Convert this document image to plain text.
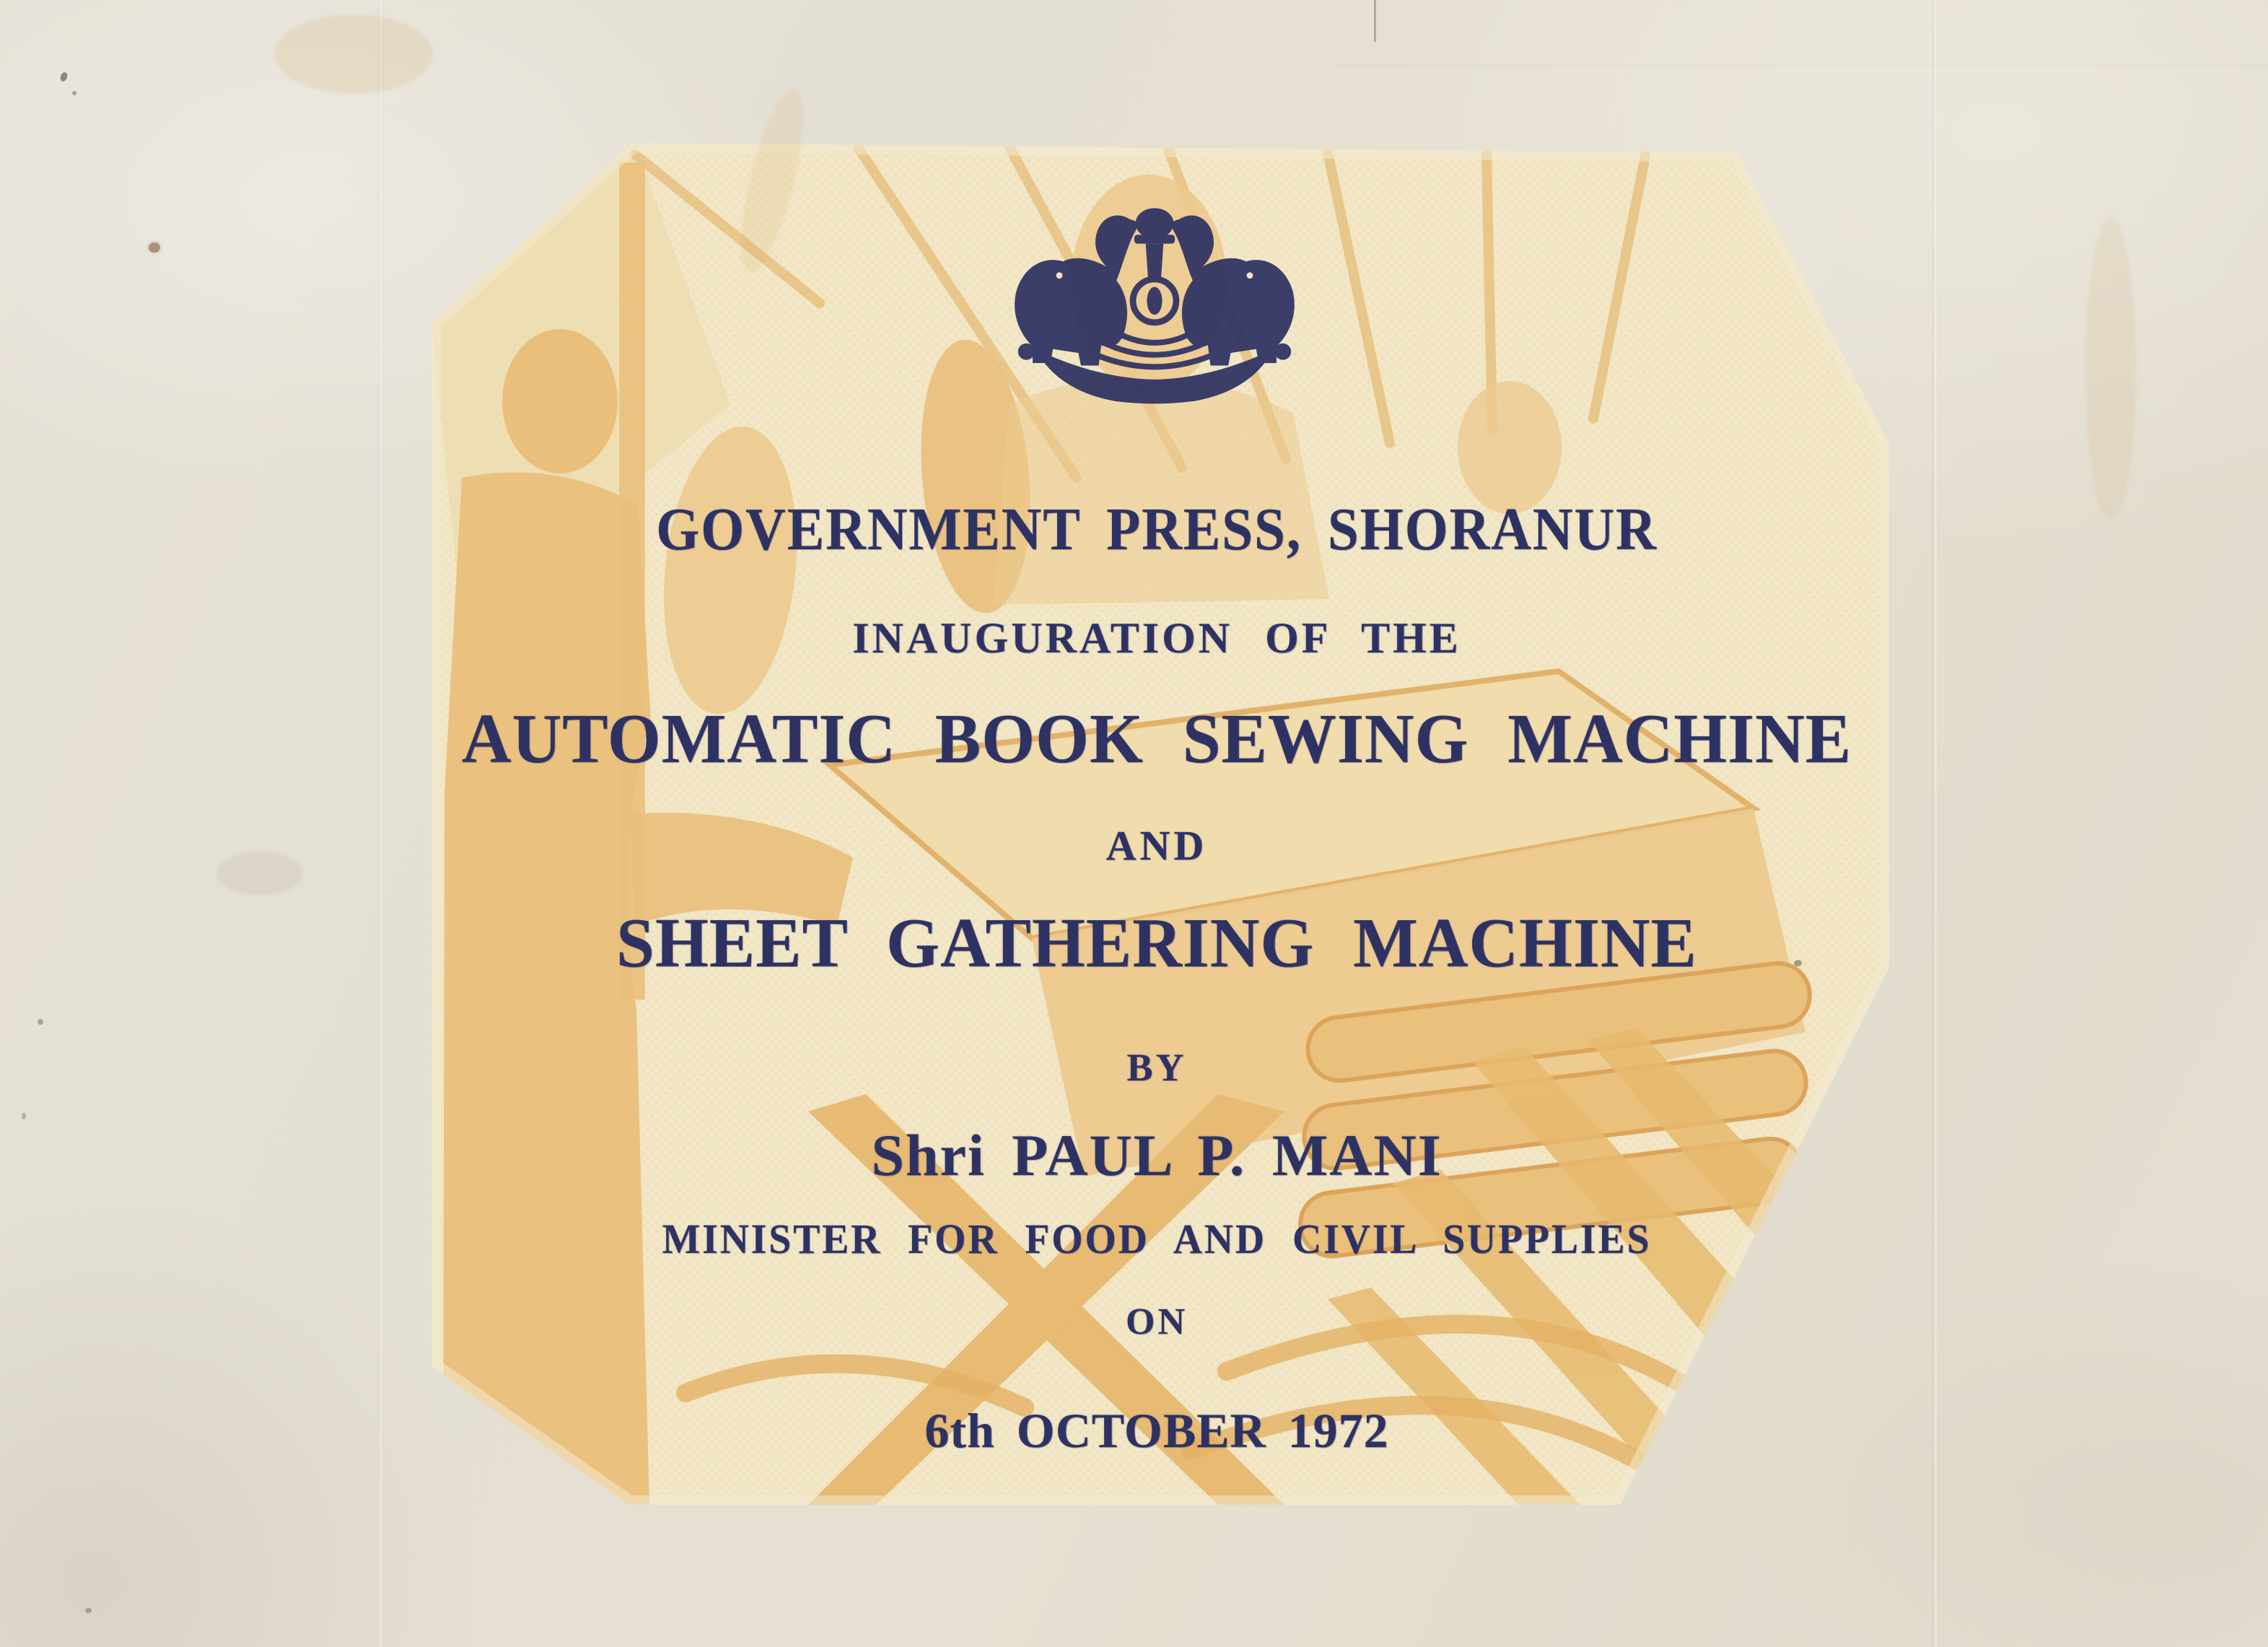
GOVERNMENT PRESS, SHORANUR
INAUGURATION OF THE
AUTOMATIC BOOK SEWING MACHINE
AND
SHEET GATHERING MACHINE
BY
Shri PAUL P. MANI
MINISTER FOR FOOD AND CIVIL SUPPLIES
ON
6th OCTOBER 1972
